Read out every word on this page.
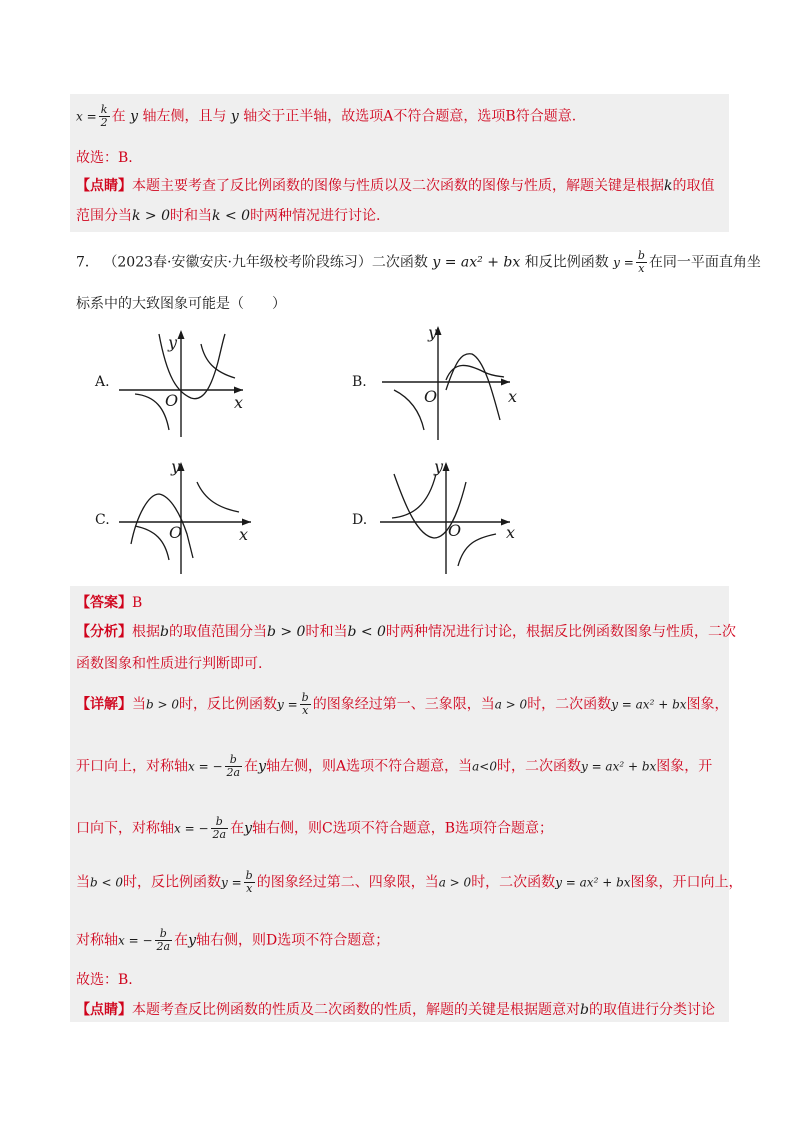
$x = \frac{k}{2}$ 在 y 轴左侧，且与 y 轴交于正半轴，故选项A不符合题意，选项B符合题意.
故选：B.
【点睛】本题主要考查了反比例函数的图像与性质以及二次函数的图像与性质，解题关键是根据k的取值
范围分当k > 0时和当k < 0时两种情况进行讨论.
7． （2023春·安徽安庆·九年级校考阶段练习）二次函数 y = ax² + bx 和反比例函数 $y = \frac{b}{x}$ 在同一平面直角坐
标系中的大致图象可能是（　　）
A.
y
x
O
B.
y
x
O
C.
y
x
O
D.
y
x
O
【答案】B
【分析】根据b的取值范围分当b > 0时和当b < 0时两种情况进行讨论，根据反比例函数图象与性质，二次
函数图象和性质进行判断即可.
【详解】当b > 0时，反比例函数$y = \frac{b}{x}$ 的图象经过第一、三象限，当a > 0时，二次函数y = ax² + bx图象，
开口向上，对称轴x = − $\frac{b}{2a}$ 在y轴左侧，则A选项不符合题意，当a<0时，二次函数y = ax² + bx图象，开
口向下，对称轴x = − $\frac{b}{2a}$ 在y轴右侧，则C选项不符合题意，B选项符合题意；
当b < 0时，反比例函数$y = \frac{b}{x}$ 的图象经过第二、四象限，当a > 0时，二次函数y = ax² + bx图象，开口向上，
对称轴x = − $\frac{b}{2a}$ 在y轴右侧，则D选项不符合题意；
故选：B.
【点睛】本题考查反比例函数的性质及二次函数的性质，解题的关键是根据题意对b的取值进行分类讨论
